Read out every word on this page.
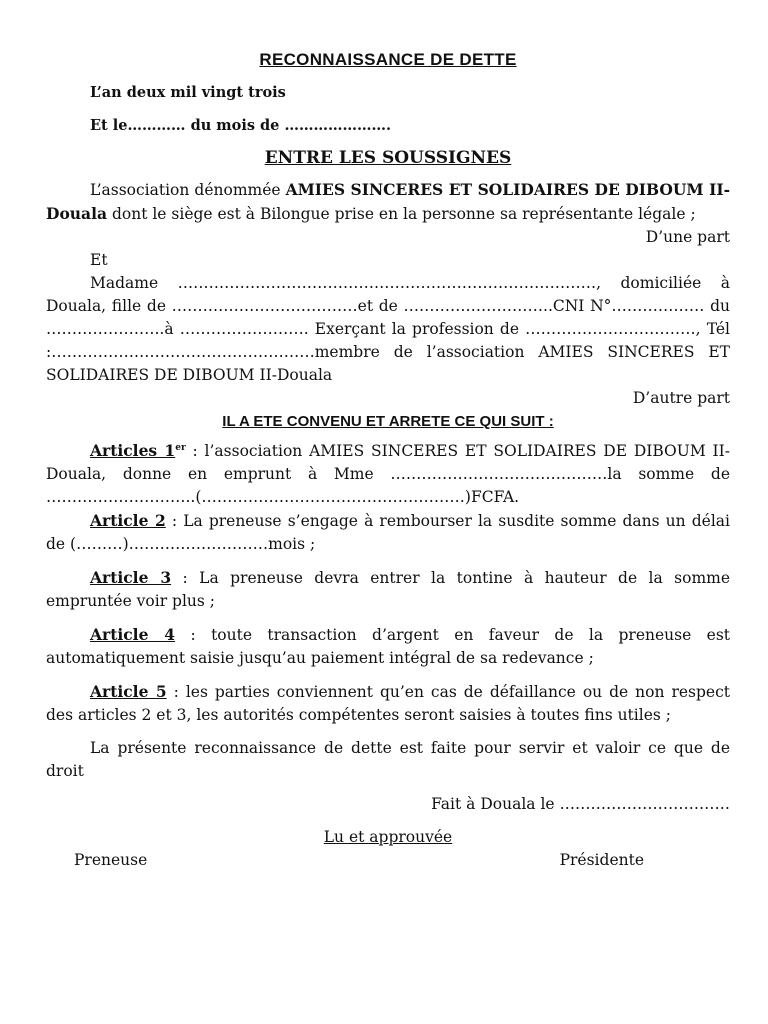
RECONNAISSANCE DE DETTE
L’an deux mil vingt trois
Et le………… du mois de ………………….
ENTRE LES SOUSSIGNES
L’association dénommée AMIES SINCERES ET SOLIDAIRES DE DIBOUM II-Douala dont le siège est à Bilongue prise en la personne sa représentante légale ;
D’une part
Et
Madame ………………………………………………………………………, domiciliée à Douala, fille de ………………………………et de ………………………..CNI N°……………… du …………………..à ……………………. Exerçant la profession de ……………………………, Tél :……………………………………………membre de l’association AMIES SINCERES ET SOLIDAIRES DE DIBOUM II-Douala
D’autre part
IL A ETE CONVENU ET ARRETE CE QUI SUIT :
Articles 1er : l’association AMIES SINCERES ET SOLIDAIRES DE DIBOUM II-Douala, donne en emprunt à Mme ……………………………………la somme de ………………………..(……………………………………………)FCFA.
Article 2 : La preneuse s’engage à rembourser la susdite somme dans un délai de (………)………………………mois ;
Article 3 : La preneuse devra entrer la tontine à hauteur de la somme empruntée voir plus ;
Article 4 : toute transaction d’argent en faveur de la preneuse est automatiquement saisie jusqu’au paiement intégral de sa redevance ;
Article 5 : les parties conviennent qu’en cas de défaillance ou de non respect des articles 2 et 3, les autorités compétentes seront saisies à toutes fins utiles ;
La présente reconnaissance de dette est faite pour servir et valoir ce que de droit
Fait à Douala le ……………………………
Lu et approuvée
Preneuse	Présidente
